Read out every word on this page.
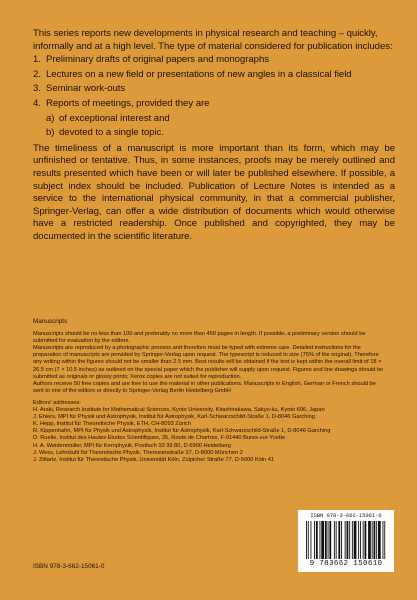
This series reports new developments in physical research and teaching – quickly, informally and at a high level. The type of material considered for publication includes:

1. Preliminary drafts of original papers and monographs
2. Lectures on a new field or presentations of new angles in a classical field
3. Seminar work-outs
4. Reports of meetings, provided they are
a) of exceptional interest and
b) devoted to a single topic.

The timeliness of a manuscript is more important than its form, which may be unfinished or tentative. Thus, in some instances, proofs may be merely outlined and results presented which have been or will later be published elsewhere. If possible, a subject index should be included. Publication of Lecture Notes is intended as a service to the international physical community, in that a commercial publisher, Springer-Verlag, can offer a wide distribution of documents which would otherwise have a restricted readership. Once published and copyrighted, they may be documented in the scientific literature.

Manuscripts

Manuscripts should be no less than 100 and preferably no more than 450 pages in length. If possible, a preliminary version should be submitted for evaluation by the editors.

Manuscripts are reproduced by a photographic process and therefore must be typed with extreme care. Detailed instructions for the preparation of manuscripts are provided by Springer-Verlag upon request. The typescript is reduced in size (75% of the original). Therefore any writing within the figures should not be smaller than 2.5 mm. Best results will be obtained if the text is kept within the overall limit of 18 × 26.5 cm (7 × 10.5 inches) as outlined on the special paper which the publisher will supply upon request. Figures and line drawings should be submitted as originals or glossy prints; Xerox copies are not suited for reproduction.

Authors receive 50 free copies and are free to use the material in other publications. Manuscripts in English, German or French should be sent to one of the editors or directly to Springer-Verlag Berlin Heidelberg GmbH

Editors' addresses:

H. Araki, Research Institute for Mathematical Sciences, Kyoto University, Kitashirakawa, Sakyo-ku, Kyoto 606, Japan
J. Ehlers, MPI für Physik und Astrophysik, Institut für Astrophysik, Karl-Schwarzschild-Straße 1, D-8046 Garching
K. Hepp, Institut für Theoretische Physik, ETH, CH-8093 Zürich
R. Kippenhahn, MPI für Physik und Astrophysik, Institut für Astrophysik, Karl-Schwarzschild-Straße 1, D-8046 Garching
D. Ruelle, Institut des Hautes Etudes Scientifiques, 35, Route de Chartres, F-91440 Bures-sur-Yvette
H. A. Weidenmüller, MPI für Kernphysik, Postfach 10 39 80, D-6900 Heidelberg
J. Wess, Lehrstuhl für Theoretische Physik, Theresienstraße 37, D-8000 München 2
J. Zittartz, Institut für Theoretische Physik, Universität Köln, Zülpicher Straße 77, D-5000 Köln 41
ISBN 978-3-662-15061-0
9 783662 150610
ISBN 978-3-662-15061-0
